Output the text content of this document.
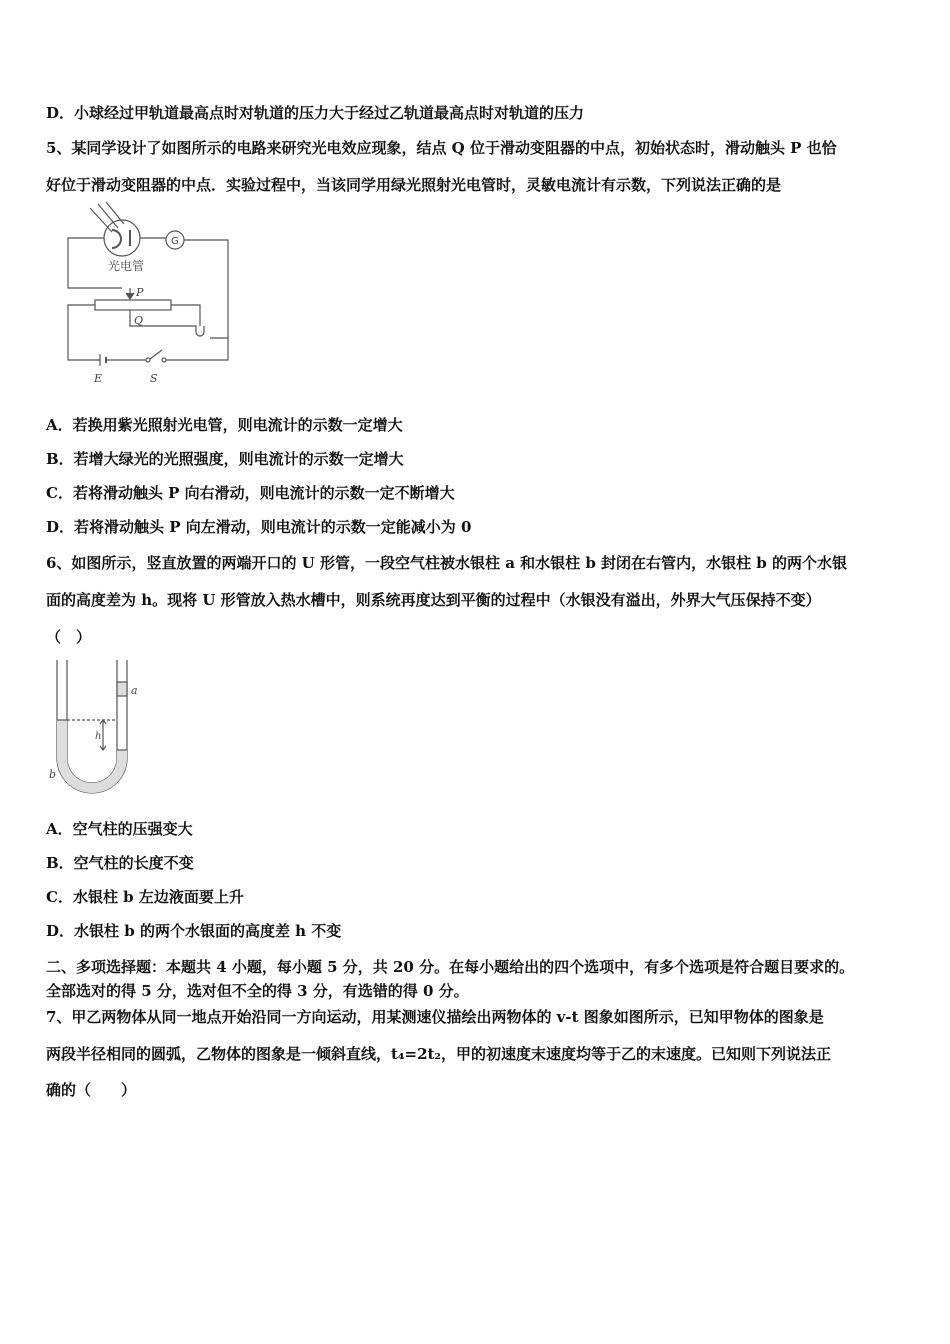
D．小球经过甲轨道最高点时对轨道的压力大于经过乙轨道最高点时对轨道的压力
5、某同学设计了如图所示的电路来研究光电效应现象，结点 Q 位于滑动变阻器的中点，初始状态时，滑动触头 P 也恰
好位于滑动变阻器的中点．实验过程中，当该同学用绿光照射光电管时，灵敏电流计有示数，下列说法正确的是
光电管
G
P
Q
E	S
A．若换用紫光照射光电管，则电流计的示数一定增大
B．若增大绿光的光照强度，则电流计的示数一定增大
C．若将滑动触头 P 向右滑动，则电流计的示数一定不断增大
D．若将滑动触头 P 向左滑动，则电流计的示数一定能减小为 0
6、如图所示，竖直放置的两端开口的 U 形管，一段空气柱被水银柱 a 和水银柱 b 封闭在右管内，水银柱 b 的两个水银
面的高度差为 h。现将 U 形管放入热水槽中，则系统再度达到平衡的过程中（水银没有溢出，外界大气压保持不变）
（　）
a
b
h
A．空气柱的压强变大
B．空气柱的长度不变
C．水银柱 b 左边液面要上升
D．水银柱 b 的两个水银面的高度差 h 不变
二、多项选择题：本题共 4 小题，每小题 5 分，共 20 分。在每小题给出的四个选项中，有多个选项是符合题目要求的。
全部选对的得 5 分，选对但不全的得 3 分，有选错的得 0 分。
7、甲乙两物体从同一地点开始沿同一方向运动，用某测速仪描绘出两物体的 v-t 图象如图所示，已知甲物体的图象是
两段半径相同的圆弧，乙物体的图象是一倾斜直线，t₄=2t₂，甲的初速度末速度均等于乙的末速度。已知则下列说法正
确的（　　）
